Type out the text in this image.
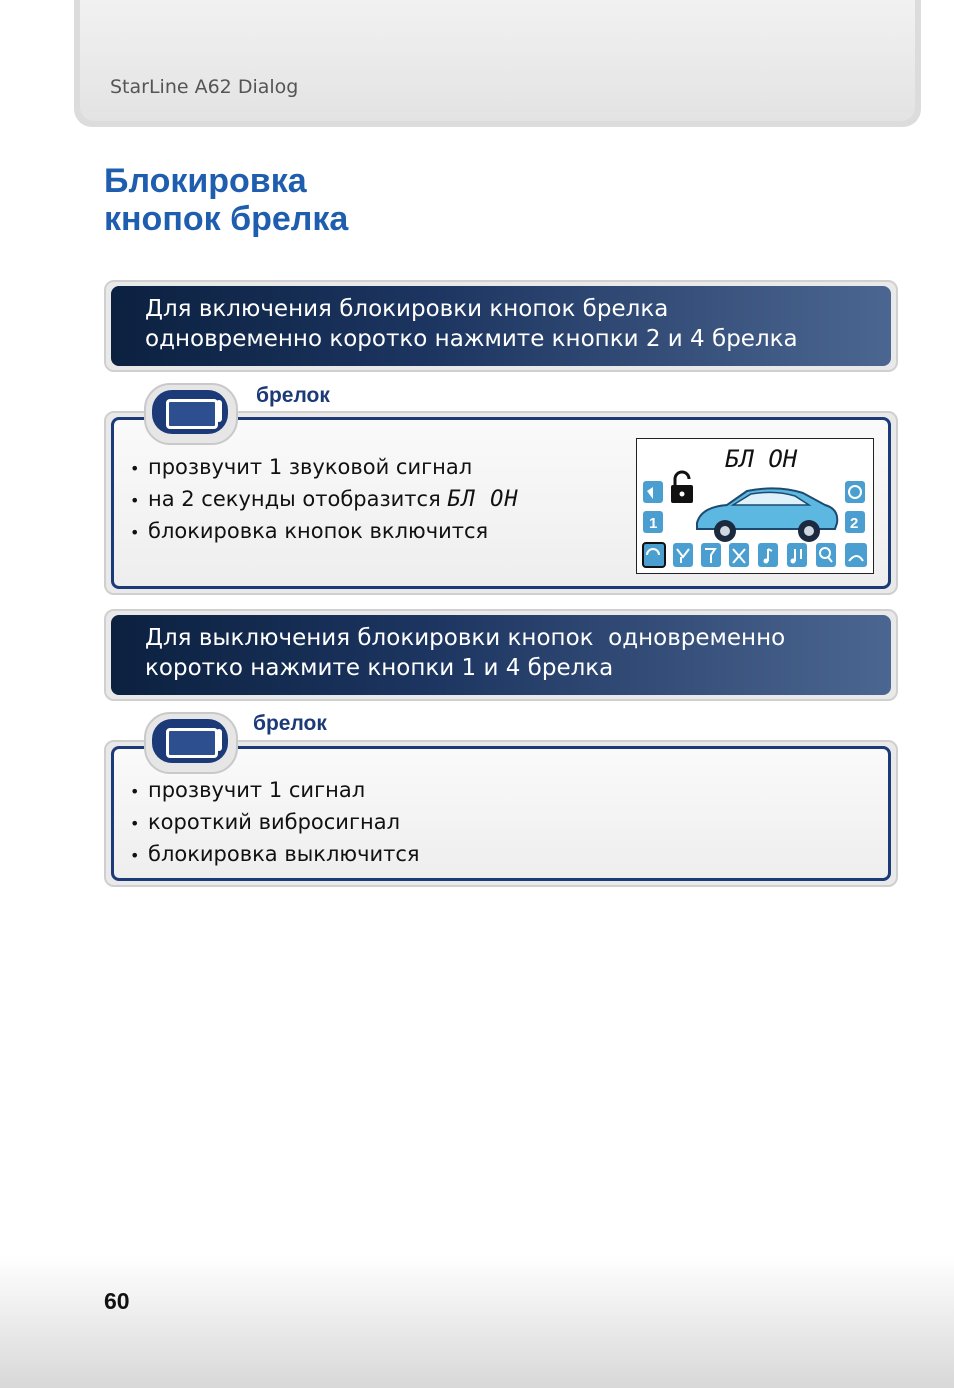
StarLine A62 Dialog
Блокировка
кнопок брелка
Для включения блокировки кнопок брелка
одновременно коротко нажмите кнопки 2 и 4 брелка
брелок
• прозвучит 1 звуковой сигнал
• на 2 секунды отобразится БЛ ОН
• блокировка кнопок включится
БЛ ОН
1	2
Для выключения блокировки кнопок  одновременно
коротко нажмите кнопки 1 и 4 брелка
брелок
• прозвучит 1 сигнал
• короткий вибросигнал
• блокировка выключится
60
